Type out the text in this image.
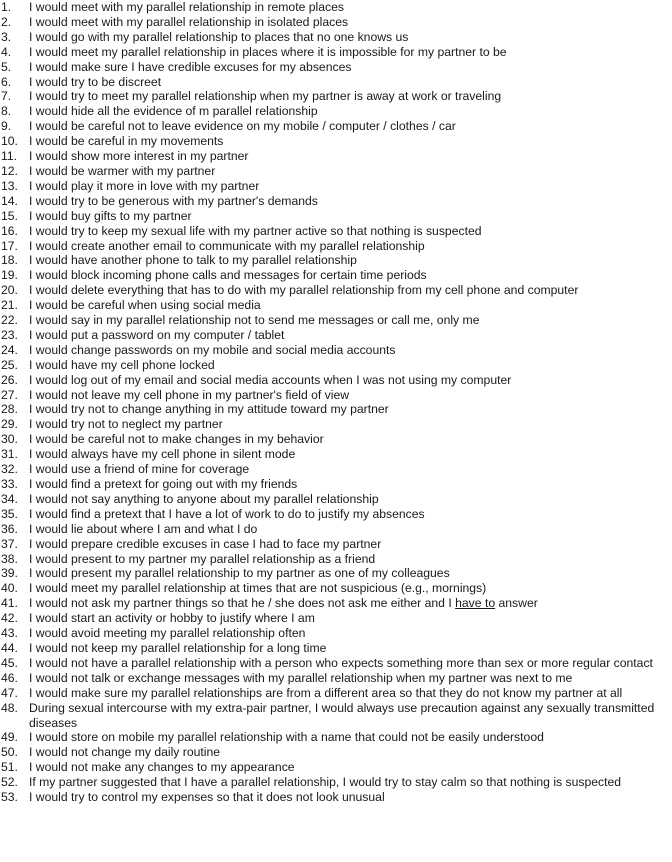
1.	I would meet with my parallel relationship in remote places
2.	I would meet with my parallel relationship in isolated places
3.	I would go with my parallel relationship to places that no one knows us
4.	I would meet my parallel relationship in places where it is impossible for my partner to be
5.	I would make sure I have credible excuses for my absences
6.	I would try to be discreet
7.	I would try to meet my parallel relationship when my partner is away at work or traveling
8.	I would hide all the evidence of m parallel relationship
9.	I would be careful not to leave evidence on my mobile / computer / clothes / car
10. I would be careful in my movements
11. I would show more interest in my partner
12. I would be warmer with my partner
13. I would play it more in love with my partner
14. I would try to be generous with my partner's demands
15. I would buy gifts to my partner
16. I would try to keep my sexual life with my partner active so that nothing is suspected
17. I would create another email to communicate with my parallel relationship
18. I would have another phone to talk to my parallel relationship
19. I would block incoming phone calls and messages for certain time periods
20. I would delete everything that has to do with my parallel relationship from my cell phone and computer
21. I would be careful when using social media
22. I would say in my parallel relationship not to send me messages or call me, only me
23. I would put a password on my computer / tablet
24. I would change passwords on my mobile and social media accounts
25. I would have my cell phone locked
26. I would log out of my email and social media accounts when I was not using my computer
27. I would not leave my cell phone in my partner's field of view
28. I would try not to change anything in my attitude toward my partner
29. I would try not to neglect my partner
30. I would be careful not to make changes in my behavior
31. I would always have my cell phone in silent mode
32. I would use a friend of mine for coverage
33. I would find a pretext for going out with my friends
34. I would not say anything to anyone about my parallel relationship
35. I would find a pretext that I have a lot of work to do to justify my absences
36. I would lie about where I am and what I do
37. I would prepare credible excuses in case I had to face my partner
38. I would present to my partner my parallel relationship as a friend
39. I would present my parallel relationship to my partner as one of my colleagues
40. I would meet my parallel relationship at times that are not suspicious (e.g., mornings)
41. I would not ask my partner things so that he / she does not ask me either and I have to answer
42. I would start an activity or hobby to justify where I am
43. I would avoid meeting my parallel relationship often
44. I would not keep my parallel relationship for a long time
45. I would not have a parallel relationship with a person who expects something more than sex or more regular contact
46. I would not talk or exchange messages with my parallel relationship when my partner was next to me
47. I would make sure my parallel relationships are from a different area so that they do not know my partner at all
48. During sexual intercourse with my extra-pair partner, I would always use precaution against any sexually transmitted diseases
49. I would store on mobile my parallel relationship with a name that could not be easily understood
50. I would not change my daily routine
51. I would not make any changes to my appearance
52. If my partner suggested that I have a parallel relationship, I would try to stay calm so that nothing is suspected
53. I would try to control my expenses so that it does not look unusual
